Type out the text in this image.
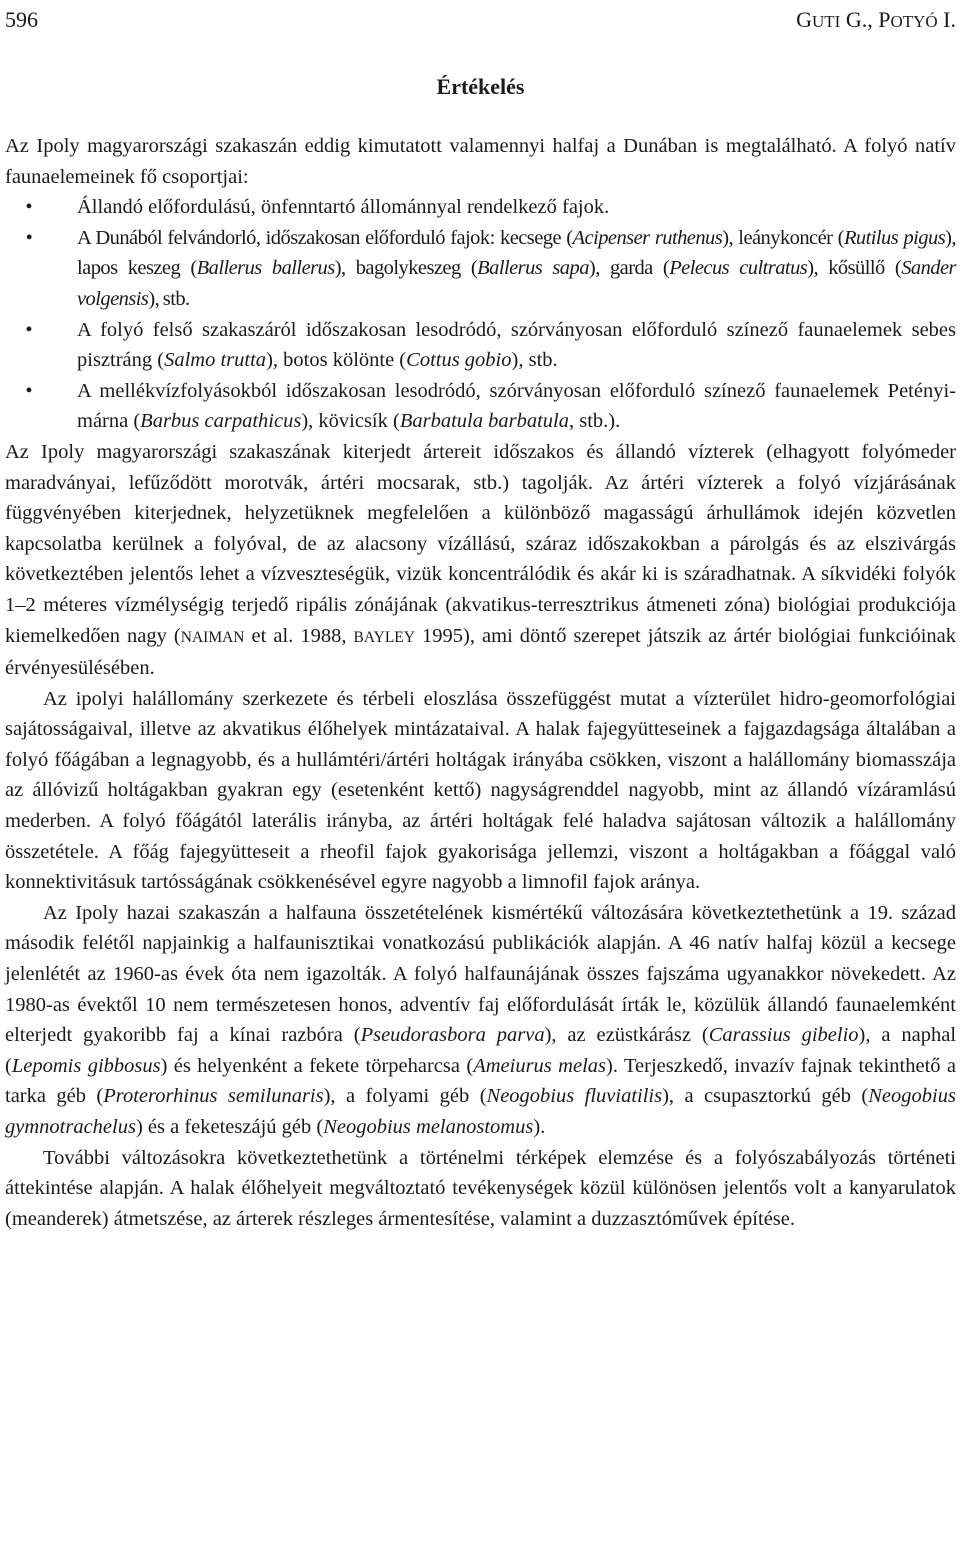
596	GUTI G., POTYÓ I.
Értékelés

Az Ipoly magyarországi szakaszán eddig kimutatott valamennyi halfaj a Dunában is megtalálható. A folyó natív faunaelemeinek fő csoportjai:

•	Állandó előfordulású, önfenntartó állománnyal rendelkező fajok.
•	A Dunából felvándorló, időszakosan előforduló fajok: kecsege (Acipenser ruthenus), leánykoncér (Rutilus pigus), lapos keszeg (Ballerus ballerus), bagolykeszeg (Ballerus sapa), garda (Pelecus cultratus), kősüllő (Sander volgensis), stb.
•	A folyó felső szakaszáról időszakosan lesodródó, szórványosan előforduló színező faunaelemek sebes pisztráng (Salmo trutta), botos kölönte (Cottus gobio), stb.
•	A mellékvízfolyásokból időszakosan lesodródó, szórványosan előforduló színező faunaelemek Petényi-márna (Barbus carpathicus), kövicsík (Barbatula barbatula, stb.).

Az Ipoly magyarországi szakaszának kiterjedt ártereit időszakos és állandó vízterek (elhagyott folyómeder maradványai, lefűződött morotvák, ártéri mocsarak, stb.) tagolják. Az ártéri vízterek a folyó vízjárásának függvényében kiterjednek, helyzetüknek megfelelően a különböző magasságú árhullámok idején közvetlen kapcsolatba kerülnek a folyóval, de az alacsony vízállású, száraz időszakokban a párolgás és az elszivárgás következtében jelentős lehet a vízveszteségük, vizük koncentrálódik és akár ki is száradhatnak. A síkvidéki folyók 1–2 méteres vízmélységig terjedő ripális zónájának (akvatikus-terresztrikus átmeneti zóna) biológiai produkciója kiemelkedően nagy (NAIMAN et al. 1988, BAYLEY 1995), ami döntő szerepet játszik az ártér biológiai funkcióinak érvényesülésében.

Az ipolyi halállomány szerkezete és térbeli eloszlása összefüggést mutat a vízterület hidro-geomorfológiai sajátosságaival, illetve az akvatikus élőhelyek mintázataival. A halak fajegyütteseinek a fajgazdagsága általában a folyó főágában a legnagyobb, és a hullámtéri/ártéri holtágak irányába csökken, viszont a halállomány biomasszája az állóvizű holtágakban gyakran egy (esetenként kettő) nagyságrenddel nagyobb, mint az állandó vízáramlású mederben. A folyó főágától laterális irányba, az ártéri holtágak felé haladva sajátosan változik a halállomány összetétele. A főág fajegyütteseit a rheofil fajok gyakorisága jellemzi, viszont a holtágakban a főággal való konnektivitásuk tartósságának csökkenésével egyre nagyobb a limnofil fajok aránya.

Az Ipoly hazai szakaszán a halfauna összetételének kismértékű változására következtethetünk a 19. század második felétől napjainkig a halfaunisztikai vonatkozású publikációk alapján. A 46 natív halfaj közül a kecsege jelenlétét az 1960-as évek óta nem igazolták. A folyó halfaunájának összes fajszáma ugyanakkor növekedett. Az 1980-as évektől 10 nem természetesen honos, adventív faj előfordulását írták le, közülük állandó faunaelemként elterjedt gyakoribb faj a kínai razbóra (Pseudorasbora parva), az ezüstkárász (Carassius gibelio), a naphal (Lepomis gibbosus) és helyenként a fekete törpeharcsa (Ameiurus melas). Terjeszkedő, invazív fajnak tekinthető a tarka géb (Proterorhinus semilunaris), a folyami géb (Neogobius fluviatilis), a csupasztorkú géb (Neogobius gymnotrachelus) és a feketeszájú géb (Neogobius melanostomus).

További változásokra következtethetünk a történelmi térképek elemzése és a folyószabályozás történeti áttekintése alapján. A halak élőhelyeit megváltoztató tevékenységek közül különösen jelentős volt a kanyarulatok (meanderek) átmetszése, az árterek részleges ármentesítése, valamint a duzzasztóművek építése.
